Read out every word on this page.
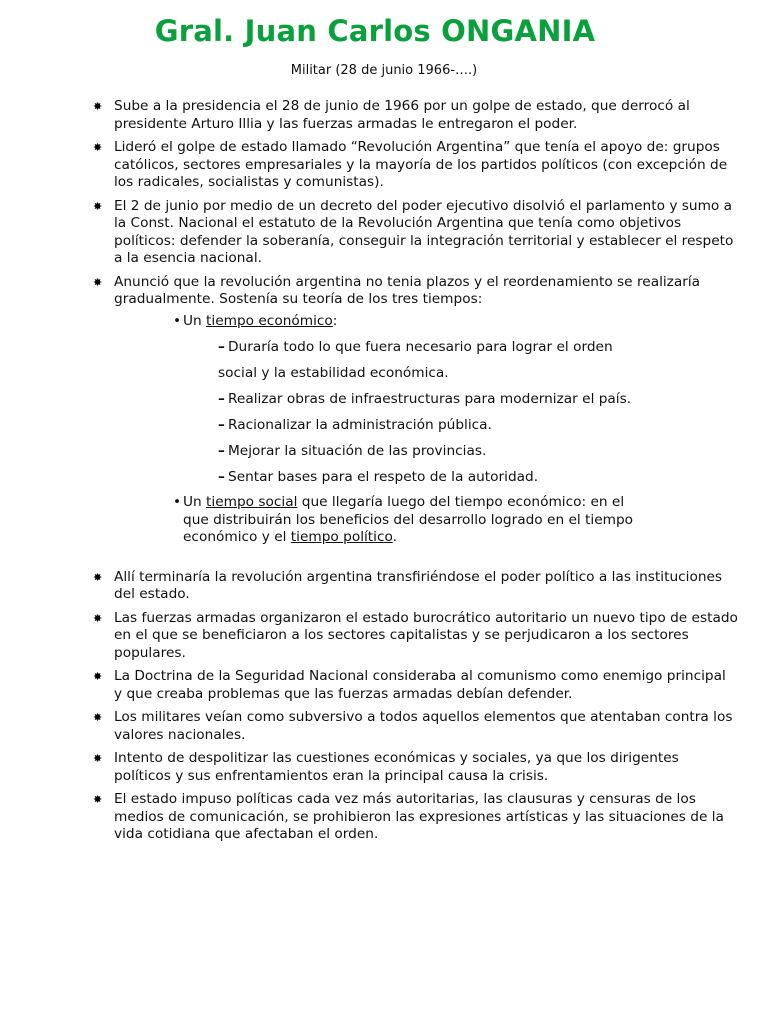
Gral. Juan Carlos ONGANIA
Militar (28 de junio 1966-….)
✸ Sube a la presidencia el 28 de junio de 1966 por un golpe de estado, que derrocó al presidente Arturo Illia y las fuerzas armadas le entregaron el poder.
✸ Lideró el golpe de estado llamado “Revolución Argentina” que tenía el apoyo de: grupos católicos, sectores empresariales y la mayoría de los partidos políticos (con excepción de los radicales, socialistas y comunistas).
✸ El 2 de junio por medio de un decreto del poder ejecutivo disolvió el parlamento y sumo a la Const. Nacional el estatuto de la Revolución Argentina que tenía como objetivos políticos: defender la soberanía, conseguir la integración territorial y establecer el respeto a la esencia nacional.
✸ Anunció que la revolución argentina no tenia plazos y el reordenamiento se realizaría gradualmente. Sostenía su teoría de los tres tiempos:
• Un tiempo económico:
– Duraría todo lo que fuera necesario para lograr el orden
social y la estabilidad económica.
– Realizar obras de infraestructuras para modernizar el país.
– Racionalizar la administración pública.
– Mejorar la situación de las provincias.
– Sentar bases para el respeto de la autoridad.
• Un tiempo social que llegaría luego del tiempo económico: en el que distribuirán los beneficios del desarrollo logrado en el tiempo económico y el tiempo político.
✸ Allí terminaría la revolución argentina transfiriéndose el poder político a las instituciones del estado.
✸ Las fuerzas armadas organizaron el estado burocrático autoritario un nuevo tipo de estado en el que se beneficiaron a los sectores capitalistas y se perjudicaron a los sectores populares.
✸ La Doctrina de la Seguridad Nacional consideraba al comunismo como enemigo principal y que creaba problemas que las fuerzas armadas debían defender.
✸ Los militares veían como subversivo a todos aquellos elementos que atentaban contra los valores nacionales.
✸ Intento de despolitizar las cuestiones económicas y sociales, ya que los dirigentes políticos y sus enfrentamientos eran la principal causa la crisis.
✸ El estado impuso políticas cada vez más autoritarias, las clausuras y censuras de los medios de comunicación, se prohibieron las expresiones artísticas y las situaciones de la vida cotidiana que afectaban el orden.
